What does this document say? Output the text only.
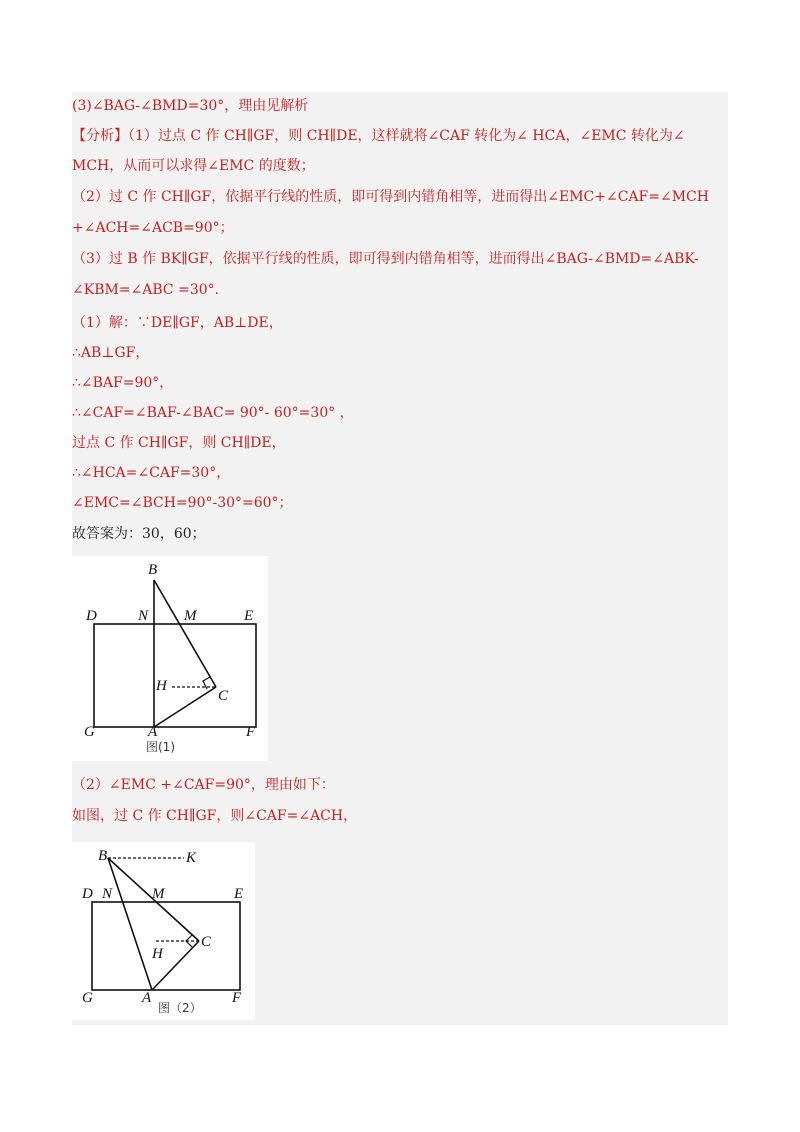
(3)∠BAG-∠BMD=30°，理由见解析
【分析】（1）过点 C 作 CH∥GF，则 CH∥DE，这样就将∠CAF 转化为∠ HCA，∠EMC 转化为∠
MCH，从而可以求得∠EMC 的度数；
（2）过 C 作 CH∥GF，依据平行线的性质，即可得到内错角相等，进而得出∠EMC+∠CAF=∠MCH
+∠ACH=∠ACB=90°；
（3）过 B 作 BK∥GF，依据平行线的性质，即可得到内错角相等，进而得出∠BAG-∠BMD=∠ABK-
∠KBM=∠ABC =30°.
（1）解：∵DE∥GF，AB⊥DE，
∴AB⊥GF，
∴∠BAF=90°，
∴∠CAF=∠BAF-∠BAC= 90°- 60°=30° ，
过点 C 作 CH∥GF，则 CH∥DE，
∴∠HCA=∠CAF=30°，
∠EMC=∠BCH=90°-30°=60°；
故答案为：30，60；
B
D	N M	E
H
C
G	A	F
图(1)
（2）∠EMC +∠CAF=90°，理由如下：
如图，过 C 作 CH∥GF，则∠CAF=∠ACH，
B	K
D N	M	E
H
C
G	A	F
图（2）
